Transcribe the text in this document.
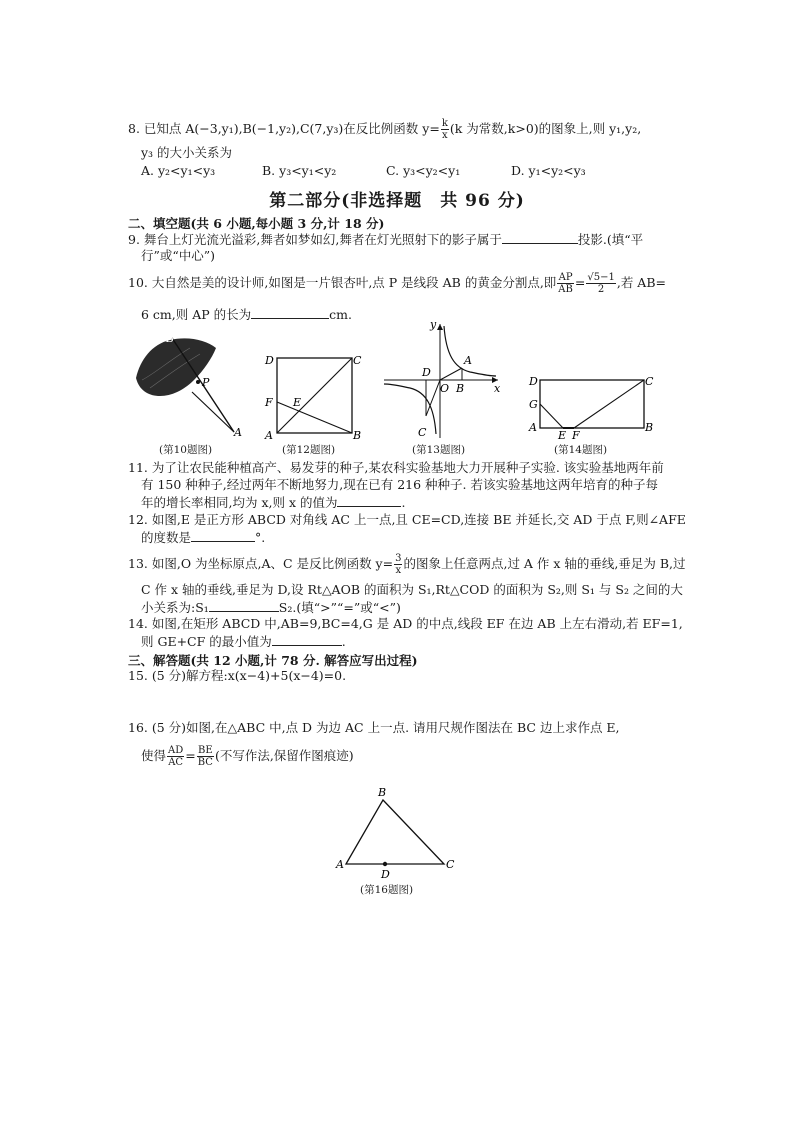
8. 已知点 A(−3,y₁),B(−1,y₂),C(7,y₃)在反比例函数 $y= \frac{k}{x} (k$ 为常数,k>0)的图象上,则 y₁,y₂,
y₃ 的大小关系为
A. y₂<y₁<y₃	B. y₃<y₁<y₂	C. y₃<y₂<y₁	D. y₁<y₂<y₃
第二部分(非选择题　共 96 分)
二、填空题(共 6 小题,每小题 3 分,计 18 分)
9. 舞台上灯光流光溢彩,舞者如梦如幻,舞者在灯光照射下的影子属于	投影.(填“平
行”或“中心”)
10. 大自然是美的设计师,如图是一片银杏叶,点 P 是线段 AB 的黄金分割点,即 $\frac{AP}{AB} = \frac{√5-1}{2}$ ,若 AB=
6 cm,则 AP 的长为	cm.
B
P
A
(第10题图)
D	C
F E
A	B
(第12题图)
y
x
A
D
O B
C
(第13题图)
D	C
G
A
E F
B
(第14题图)
11. 为了让农民能种植高产、易发芽的种子,某农科实验基地大力开展种子实验. 该实验基地两年前
有 150 种种子,经过两年不断地努力,现在已有 216 种种子. 若该实验基地这两年培育的种子每
年的增长率相同,均为 x,则 x 的值为	.
12. 如图,E 是正方形 ABCD 对角线 AC 上一点,且 CE=CD,连接 BE 并延长,交 AD 于点 F,则∠AFE
的度数是	°.
13. 如图,O 为坐标原点,A、C 是反比例函数 $y= \frac{3}{x}$ 的图象上任意两点,过 A 作 x 轴的垂线,垂足为 B,过
C 作 x 轴的垂线,垂足为 D,设 Rt△AOB 的面积为 S₁,Rt△COD 的面积为 S₂,则 S₁ 与 S₂ 之间的大
小关系为:S₁	S₂.(填“>”“=”或“<”)
14. 如图,在矩形 ABCD 中,AB=9,BC=4,G 是 AD 的中点,线段 EF 在边 AB 上左右滑动,若 EF=1,
则 GE+CF 的最小值为	.
三、解答题(共 12 小题,计 78 分. 解答应写出过程)
15. (5 分)解方程:x(x−4)+5(x−4)=0.
16. (5 分)如图,在△ABC 中,点 D 为边 AC 上一点. 请用尺规作图法在 BC 边上求作点 E,
使得 $\frac{AD}{AC} = \frac{BE}{BC}$ (不写作法,保留作图痕迹)
B
A	C
D
(第16题图)
